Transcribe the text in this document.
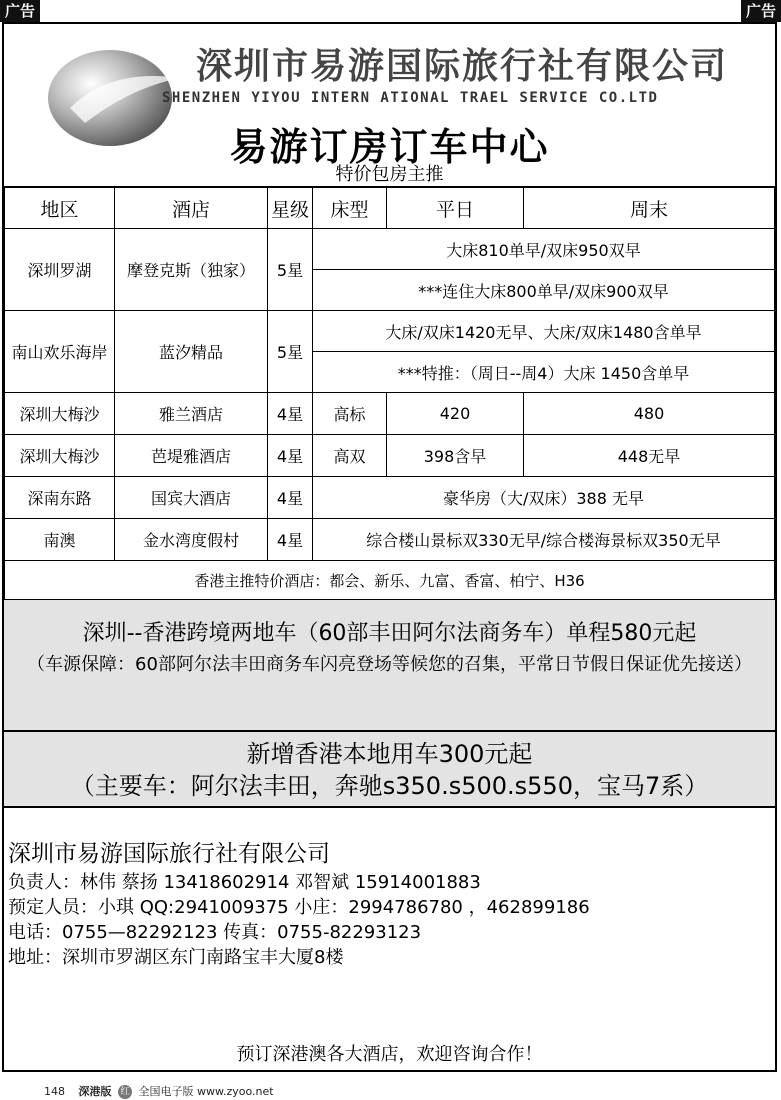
广告	广告
深圳市易游国际旅行社有限公司
SHENZHEN YIYOU INTERN ATIONAL TRAEL SERVICE CO.LTD
易游订房订车中心
特价包房主推
地区	酒店	星级	床型	平日	周末
深圳罗湖	摩登克斯（独家）	5星	大床810单早/双床950双早		
			***连住大床800单早/双床900双早		
南山欢乐海岸	蓝汐精品	5星	大床/双床1420无早、大床/双床1480含单早		
			***特推：（周日--周4）大床 1450含单早		
深圳大梅沙	雅兰酒店	4星	高标	420	480
深圳大梅沙	芭堤雅酒店	4星	高双	398含早	448无早
深南东路	国宾大酒店	4星	豪华房（大/双床）388 无早		
南澳	金水湾度假村	4星	综合楼山景标双330无早/综合楼海景标双350无早		
香港主推特价酒店：都会、新乐、九富、香富、柏宁、H36					
深圳--香港跨境两地车（60部丰田阿尔法商务车）单程580元起
（车源保障：60部阿尔法丰田商务车闪亮登场等候您的召集，平常日节假日保证优先接送）
新增香港本地用车300元起
（主要车：阿尔法丰田，奔驰s350.s500.s550，宝马7系）
深圳市易游国际旅行社有限公司
负责人：林伟 蔡扬 13418602914 邓智斌 15914001883
预定人员：小琪 QQ:2941009375 小庄：2994786780 ，462899186
电话：0755—82292123 传真：0755-82293123
地址：深圳市罗湖区东门南路宝丰大厦8楼
预订深港澳各大酒店，欢迎咨询合作！
148 深港版 红 全国电子版 www.zyoo.net
